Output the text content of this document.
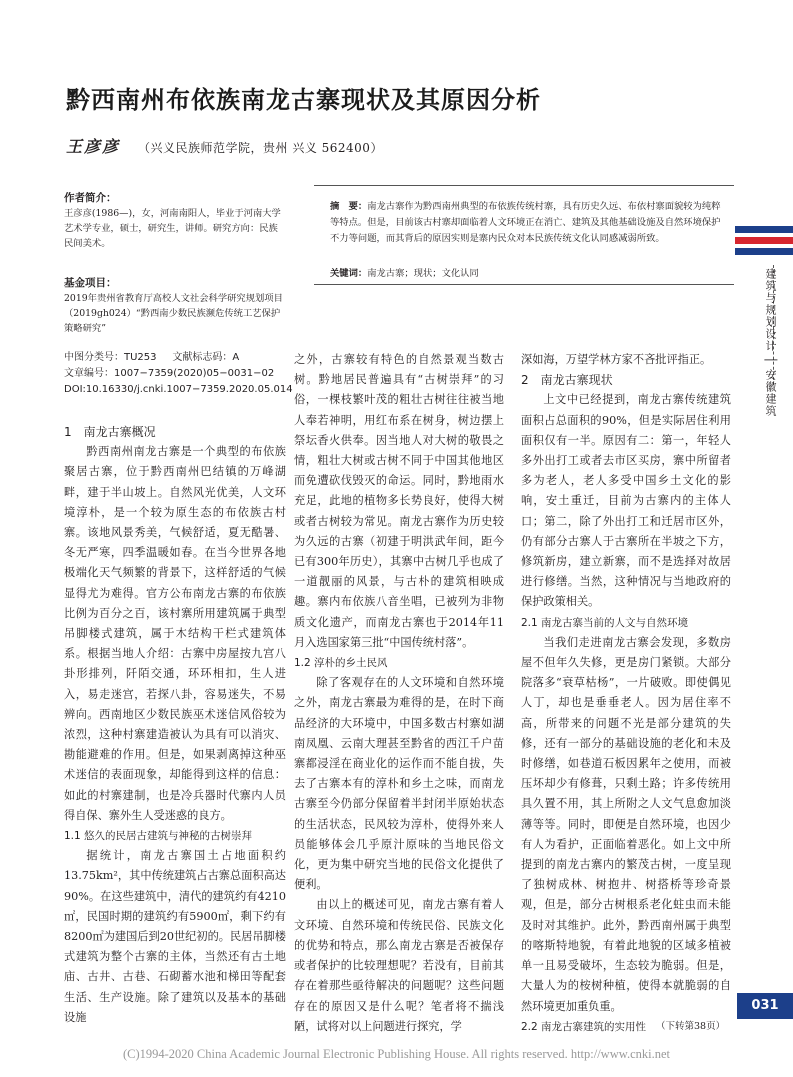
黔西南州布依族南龙古寨现状及其原因分析
王彦彦 （兴义民族师范学院，贵州 兴义 562400）
作者简介：
王彦彦(1986—)，女，河南南阳人，毕业于河南大学艺术学专业，硕士，研究生，讲师。研究方向：民族民间美术。
基金项目：
2019年贵州省教育厅高校人文社会科学研究规划项目（2019gh024）“黔西南少数民族濒危传统工艺保护策略研究”
摘　要：南龙古寨作为黔西南州典型的布依族传统村寨，具有历史久远、布依村寨面貌较为纯粹等特点。但是，目前该古村寨却面临着人文环境正在消亡、建筑及其他基础设施及自然环境保护不力等问题，而其背后的原因实则是寨内民众对本民族传统文化认同感减弱所致。
关键词：南龙古寨；现状；文化认同
中图分类号：TU253 文献标志码：A
文章编号：1007−7359(2020)05−0031−02
DOI:10.16330/j.cnki.1007−7359.2020.05.014

1　南龙古寨概况

黔西南州南龙古寨是一个典型的布依族聚居古寨，位于黔西南州巴结镇的万峰湖畔，建于半山坡上。自然风光优美，人文环境淳朴，是一个较为原生态的布依族古村寨。该地风景秀美，气候舒适，夏无酷暑、冬无严寒，四季温暖如春。在当今世界各地极端化天气频繁的背景下，这样舒适的气候显得尤为难得。官方公布南龙古寨的布依族比例为百分之百，该村寨所用建筑属于典型吊脚楼式建筑，属于木结构干栏式建筑体系。根据当地人介绍：古寨中房屋按九宫八卦形排列，阡陌交通，环环相扣，生人进入，易走迷宫，若探八卦，容易迷失，不易辨向。西南地区少数民族巫术迷信风俗较为浓烈，这种村寨建造被认为具有可以消灾、勘能避难的作用。但是，如果剥离掉这种巫术迷信的表面现象，却能得到这样的信息：如此的村寨建制，也是冷兵器时代寨内人员得自保、寨外生人受迷惑的良方。

1.1 悠久的民居古建筑与神秘的古树崇拜

据统计，南龙古寨国土占地面积约13.75km²，其中传统建筑占古寨总面积高达90%。在这些建筑中，清代的建筑约有4210㎡，民国时期的建筑约有5900㎡，剩下约有8200㎡为建国后到20世纪初的。民居吊脚楼式建筑为整个古寨的主体，当然还有古土地庙、古井、古巷、石砌蓄水池和梯田等配套生活、生产设施。除了建筑以及基本的基础设施

之外，古寨较有特色的自然景观当数古树。黔地居民普遍具有“古树崇拜”的习俗，一棵枝繁叶茂的粗壮古树往往被当地人奉若神明，用红布系在树身，树边摆上祭坛香火供奉。因当地人对大树的敬畏之情，粗壮大树或古树不同于中国其他地区而免遭砍伐毁灭的命运。同时，黔地雨水充足，此地的植物多长势良好，使得大树或者古树较为常见。南龙古寨作为历史较为久远的古寨（初建于明洪武年间，距今已有300年历史），其寨中古树几乎也成了一道靓丽的风景，与古朴的建筑相映成趣。寨内布依族八音坐唱，已被列为非物质文化遗产，而南龙古寨也于2014年11月入选国家第三批“中国传统村落”。

1.2 淳朴的乡土民风

除了客观存在的人文环境和自然环境之外，南龙古寨最为难得的是，在时下商品经济的大环境中，中国多数古村寨如湖南凤凰、云南大理甚至黔省的西江千户苗寨都浸淫在商业化的运作而不能自拔，失去了古寨本有的淳朴和乡土之味，而南龙古寨至今仍部分保留着半封闭半原始状态的生活状态，民风较为淳朴，使得外来人员能够体会几乎原汁原味的当地民俗文化，更为集中研究当地的民俗文化提供了便利。

由以上的概述可见，南龙古寨有着人文环境、自然环境和传统民俗、民族文化的优势和特点，那么南龙古寨是否被保存或者保护的比较理想呢？若没有，目前其存在着那些亟待解决的问题呢？这些问题存在的原因又是什么呢？笔者将不揣浅陋，试将对以上问题进行探究，学

深如海，万望学林方家不吝批评指正。

2　南龙古寨现状

上文中已经提到，南龙古寨传统建筑面积占总面积的90%，但是实际居住利用面积仅有一半。原因有二：第一，年轻人多外出打工或者去市区买房，寨中所留者多为老人，老人多受中国乡土文化的影响，安土重迁，目前为古寨内的主体人口；第二，除了外出打工和迁居市区外，仍有部分古寨人于古寨所在半坡之下方，修筑新房，建立新寨，而不是选择对故居进行修缮。当然，这种情况与当地政府的保护政策相关。

2.1 南龙古寨当前的人文与自然环境

当我们走进南龙古寨会发现，多数房屋不但年久失修，更是房门紧锁。大部分院落多“衰草枯杨”，一片破败。即使偶见人丁，却也是垂垂老人。因为居住率不高，所带来的问题不光是部分建筑的失修，还有一部分的基础设施的老化和未及时修缮，如巷道石板因累年之使用，而被压坏却少有修葺，只剩土路；许多传统用具久置不用，其上所附之人文气息愈加淡薄等等。同时，即便是自然环境，也因少有人为看护，正面临着恶化。如上文中所提到的南龙古寨内的繁茂古树，一度呈现了独树成林、树抱井、树搭桥等珍奇景观，但是，部分古树根系老化蛀虫而未能及时对其维护。此外，黔西南州属于典型的喀斯特地貌，有着此地貌的区域多植被单一且易受破坏，生态较为脆弱。但是，大量人为的桉树种植，使得本就脆弱的自然环境更加重负重。

2.2 南龙古寨建筑的实用性

建筑与规划设计 │ 安徽建筑
031
（下转第38页）
(C)1994-2020 China Academic Journal Electronic Publishing House. All rights reserved. http://www.cnki.net
